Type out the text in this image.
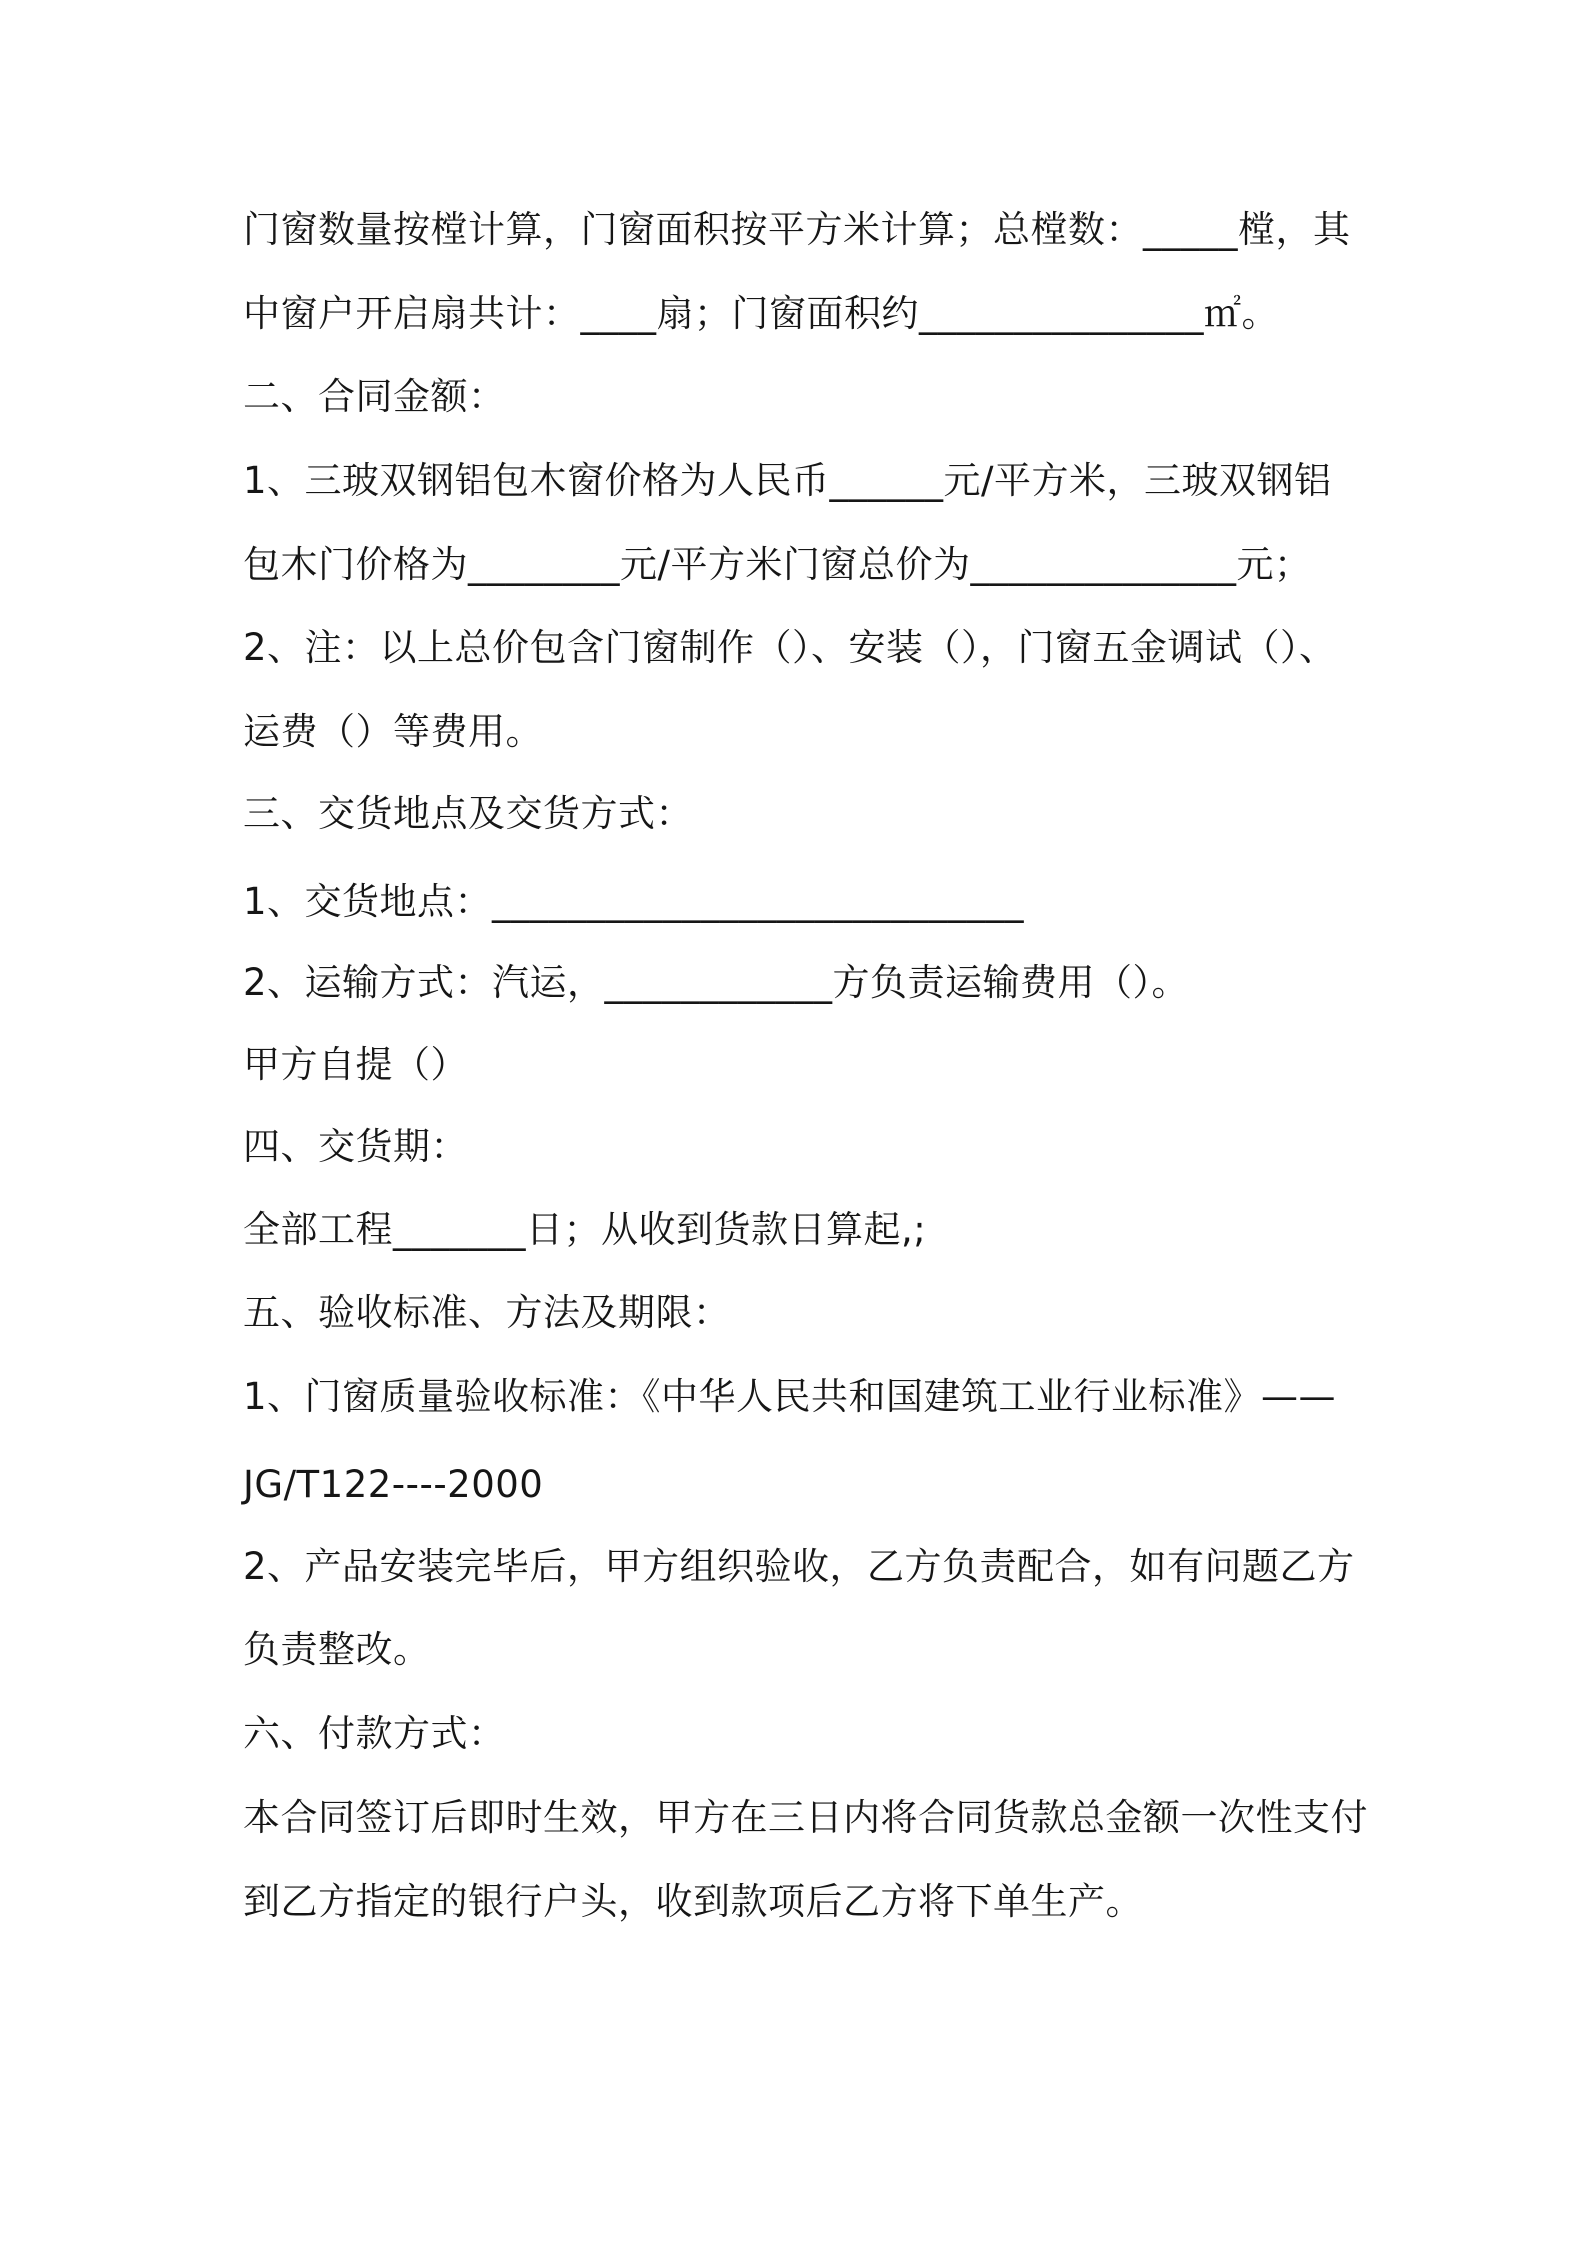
门窗数量按樘计算，门窗面积按平方米计算；总樘数：_____樘，其

中窗户开启扇共计：____扇；门窗面积约_______________㎡。

二、合同金额：

1、三玻双钢铝包木窗价格为人民币______元/平方米，三玻双钢铝

包木门价格为________元/平方米门窗总价为______________元；

2、注：以上总价包含门窗制作（）、安装（），门窗五金调试（）、

运费（）等费用。

三、交货地点及交货方式：

1、交货地点：____________________________

2、运输方式：汽运，____________方负责运输费用（）。

甲方自提（）

四、交货期：

全部工程_______日；从收到货款日算起,;

五、验收标准、方法及期限：

1、门窗质量验收标准：《中华人民共和国建筑工业行业标准》——

JG/T122----2000

2、产品安装完毕后，甲方组织验收，乙方负责配合，如有问题乙方

负责整改。

六、付款方式：

本合同签订后即时生效，甲方在三日内将合同货款总金额一次性支付

到乙方指定的银行户头，收到款项后乙方将下单生产。
